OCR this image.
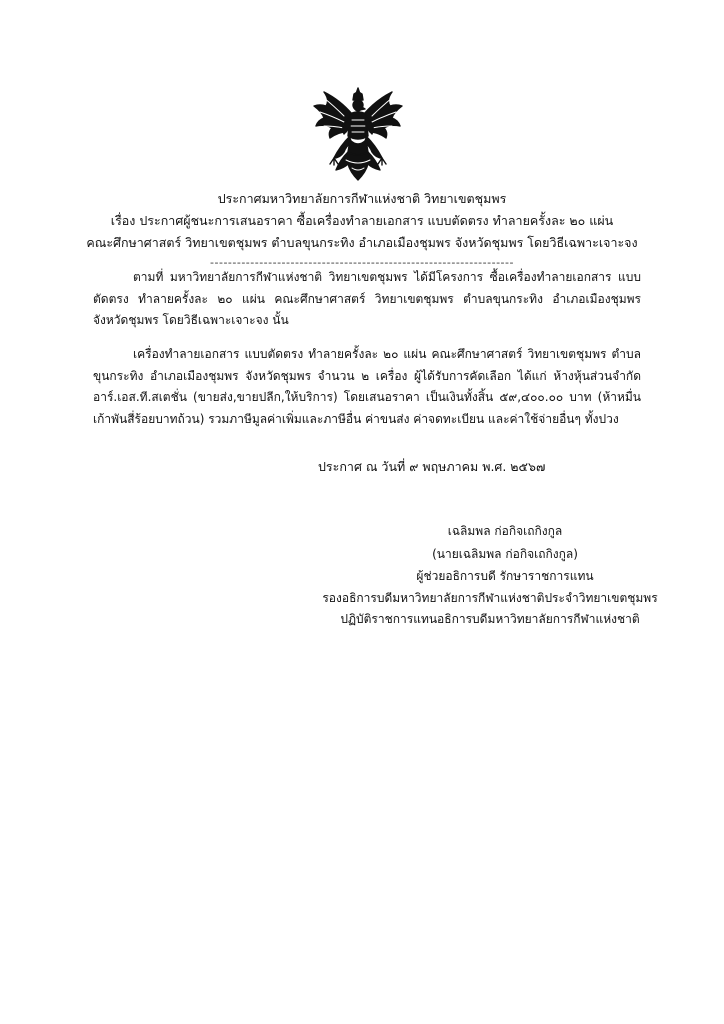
ประกาศมหาวิทยาลัยการกีฬาแห่งชาติ วิทยาเขตชุมพร
เรื่อง ประกาศผู้ชนะการเสนอราคา ซื้อเครื่องทำลายเอกสาร แบบตัดตรง ทำลายครั้งละ ๒๐ แผ่น
คณะศึกษาศาสตร์ วิทยาเขตชุมพร ตำบลขุนกระทิง อำเภอเมืองชุมพร จังหวัดชุมพร โดยวิธีเฉพาะเจาะจง
--------------------------------------------------------------------
ตามที่ มหาวิทยาลัยการกีฬาแห่งชาติ วิทยาเขตชุมพร ได้มีโครงการ ซื้อเครื่องทำลายเอกสาร แบบตัดตรง ทำลายครั้งละ ๒๐ แผ่น คณะศึกษาศาสตร์ วิทยาเขตชุมพร ตำบลขุนกระทิง อำเภอเมืองชุมพร จังหวัดชุมพร โดยวิธีเฉพาะเจาะจง นั้น
เครื่องทำลายเอกสาร แบบตัดตรง ทำลายครั้งละ ๒๐ แผ่น คณะศึกษาศาสตร์ วิทยาเขตชุมพร ตำบลขุนกระทิง อำเภอเมืองชุมพร จังหวัดชุมพร จำนวน ๒ เครื่อง ผู้ได้รับการคัดเลือก ได้แก่ ห้างหุ้นส่วนจำกัด อาร์.เอส.ที.สเตชั่น (ขายส่ง,ขายปลีก,ให้บริการ) โดยเสนอราคา เป็นเงินทั้งสิ้น ๕๙,๔๐๐.๐๐ บาท (ห้าหมื่นเก้าพันสี่ร้อยบาทถ้วน) รวมภาษีมูลค่าเพิ่มและภาษีอื่น ค่าขนส่ง ค่าจดทะเบียน และค่าใช้จ่ายอื่นๆ ทั้งปวง
ประกาศ ณ วันที่ ๙ พฤษภาคม พ.ศ. ๒๕๖๗
เฉลิมพล ก่อกิจเถกิงกูล
(นายเฉลิมพล ก่อกิจเถกิงกูล)
ผู้ช่วยอธิการบดี รักษาราชการแทน
รองอธิการบดีมหาวิทยาลัยการกีฬาแห่งชาติประจำวิทยาเขตชุมพร
ปฏิบัติราชการแทนอธิการบดีมหาวิทยาลัยการกีฬาแห่งชาติ
